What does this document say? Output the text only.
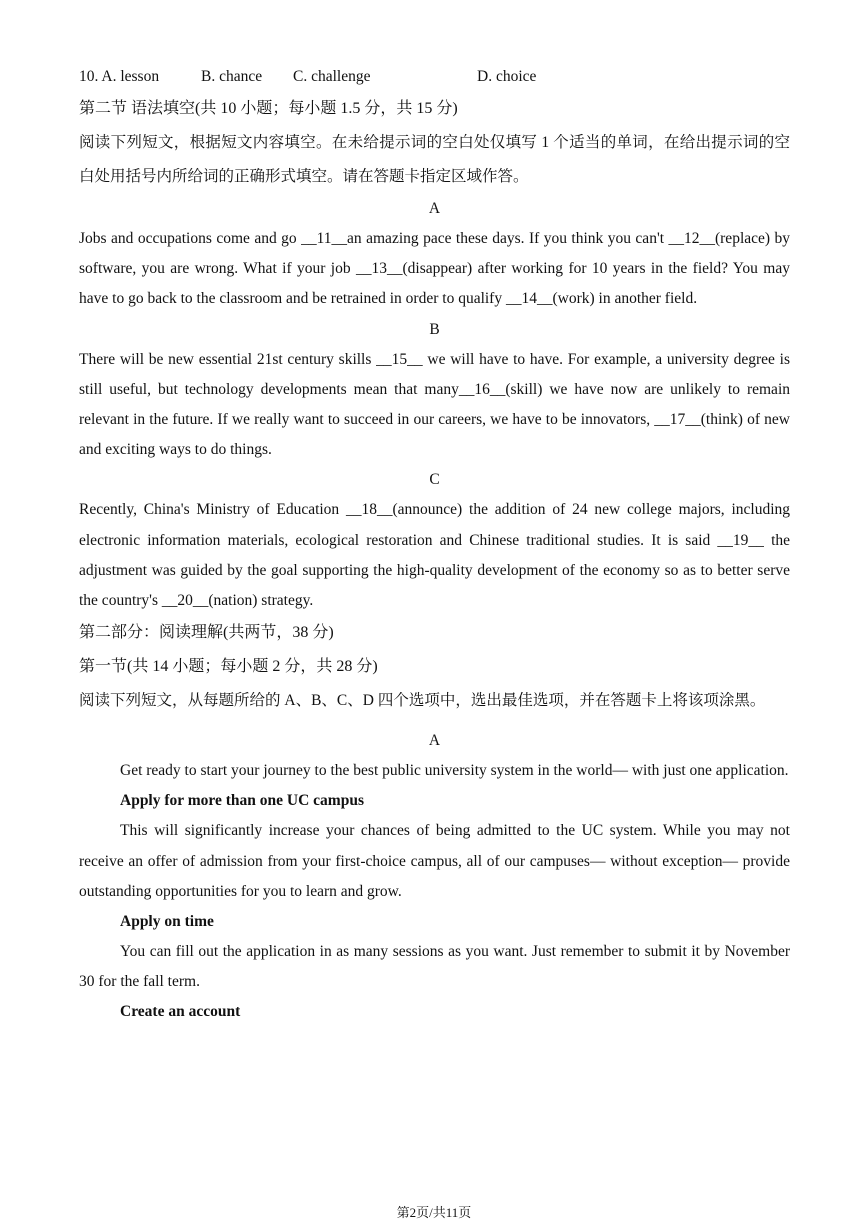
10. A. lesson	B. chance C. challenge	D. choice
第二节 语法填空(共 10 小题；每小题 1.5 分，共 15 分)

阅读下列短文，根据短文内容填空。在未给提示词的空白处仅填写 1 个适当的单词，在给出提示词的空白处用括号内所给词的正确形式填空。请在答题卡指定区域作答。

A

Jobs and occupations come and go __11__an amazing pace these days. If you think you can't __12__(replace) by software, you are wrong. What if your job __13__(disappear) after working for 10 years in the field? You may have to go back to the classroom and be retrained in order to qualify __14__(work) in another field.

B

There will be new essential 21st century skills __15__ we will have to have. For example, a university degree is still useful, but technology developments mean that many__16__(skill) we have now are unlikely to remain relevant in the future. If we really want to succeed in our careers, we have to be innovators, __17__(think) of new and exciting ways to do things.

C

Recently, China's Ministry of Education __18__(announce) the addition of 24 new college majors, including electronic information materials, ecological restoration and Chinese traditional studies. It is said __19__ the adjustment was guided by the goal supporting the high-quality development of the economy so as to better serve the country's __20__(nation) strategy.

第二部分：阅读理解(共两节，38 分)
第一节(共 14 小题；每小题 2 分，共 28 分)

阅读下列短文，从每题所给的 A、B、C、D 四个选项中，选出最佳选项，并在答题卡上将该项涂黑。

A

Get ready to start your journey to the best public university system in the world— with just one application.

Apply for more than one UC campus

This will significantly increase your chances of being admitted to the UC system. While you may not receive an offer of admission from your first-choice campus, all of our campuses— without exception— provide outstanding opportunities for you to learn and grow.

Apply on time

You can fill out the application in as many sessions as you want. Just remember to submit it by November 30 for the fall term.

Create an account
第2页/共11页
